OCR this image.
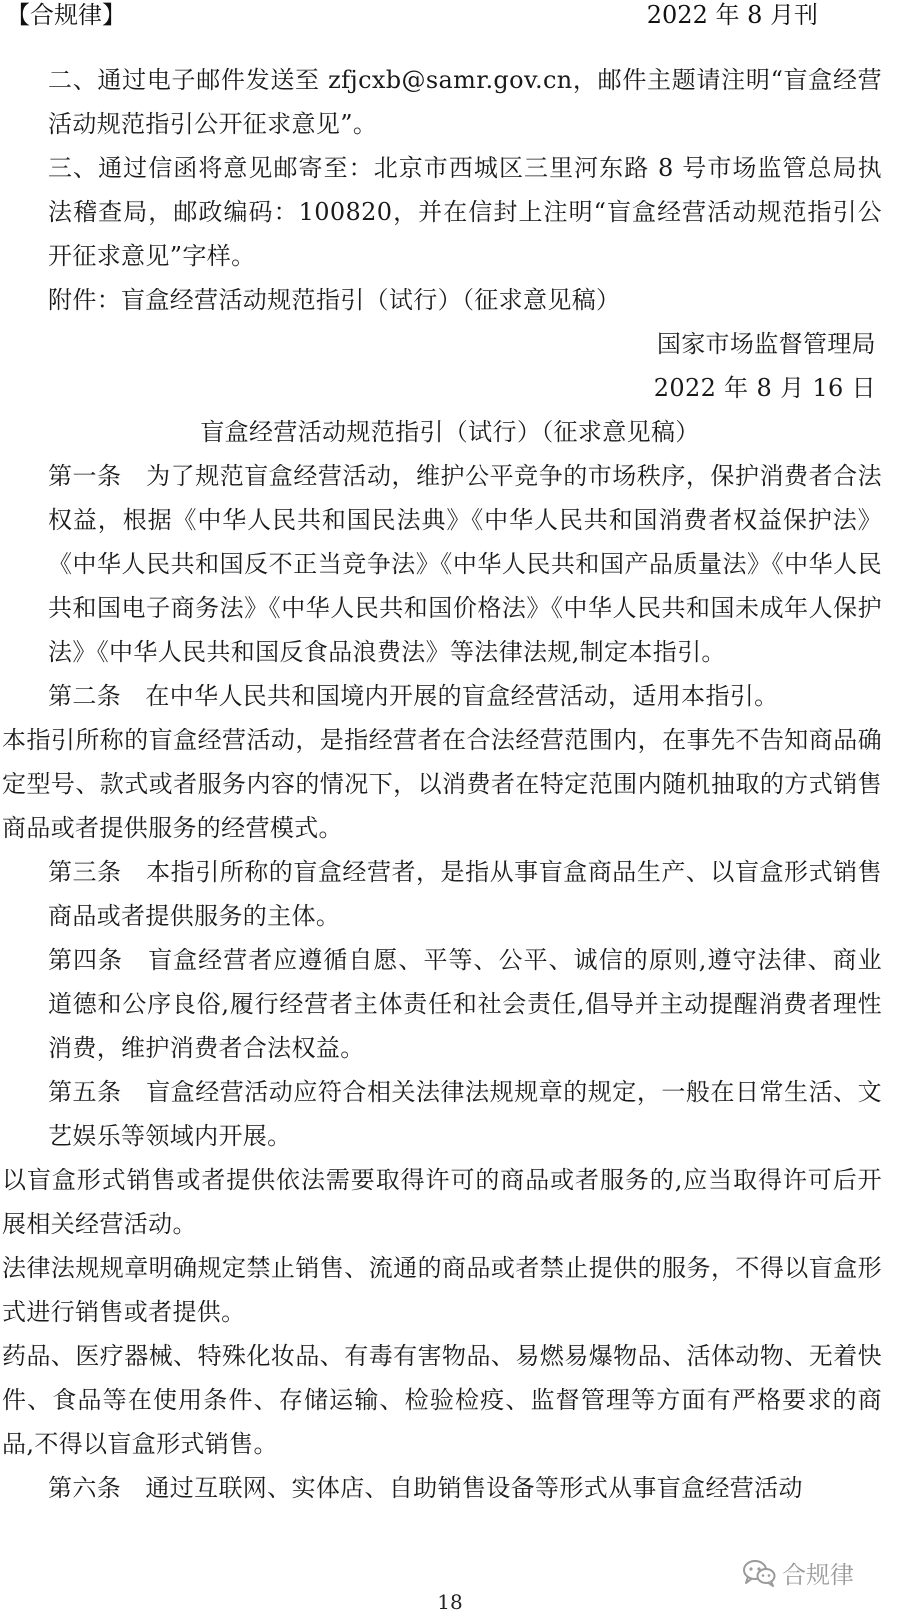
【合规律】	2022 年 8 月刊

二、通过电子邮件发送至 zfjcxb@samr.gov.cn，邮件主题请注明“盲盒经营活动规范指引公开征求意见”。

三、通过信函将意见邮寄至：北京市西城区三里河东路 8 号市场监管总局执法稽查局，邮政编码：100820，并在信封上注明“盲盒经营活动规范指引公开征求意见”字样。

附件：盲盒经营活动规范指引（试行）（征求意见稿）

国家市场监督管理局

2022 年 8 月 16 日

盲盒经营活动规范指引（试行）（征求意见稿）

第一条　为了规范盲盒经营活动，维护公平竞争的市场秩序，保护消费者合法权益，根据《中华人民共和国民法典》《中华人民共和国消费者权益保护法》《中华人民共和国反不正当竞争法》《中华人民共和国产品质量法》《中华人民共和国电子商务法》《中华人民共和国价格法》《中华人民共和国未成年人保护法》《中华人民共和国反食品浪费法》等法律法规,制定本指引。

第二条　在中华人民共和国境内开展的盲盒经营活动，适用本指引。

本指引所称的盲盒经营活动，是指经营者在合法经营范围内，在事先不告知商品确定型号、款式或者服务内容的情况下，以消费者在特定范围内随机抽取的方式销售商品或者提供服务的经营模式。

第三条　本指引所称的盲盒经营者，是指从事盲盒商品生产、以盲盒形式销售商品或者提供服务的主体。

第四条　盲盒经营者应遵循自愿、平等、公平、诚信的原则,遵守法律、商业道德和公序良俗,履行经营者主体责任和社会责任,倡导并主动提醒消费者理性消费，维护消费者合法权益。

第五条　盲盒经营活动应符合相关法律法规规章的规定，一般在日常生活、文艺娱乐等领域内开展。

以盲盒形式销售或者提供依法需要取得许可的商品或者服务的,应当取得许可后开展相关经营活动。

法律法规规章明确规定禁止销售、流通的商品或者禁止提供的服务，不得以盲盒形式进行销售或者提供。

药品、医疗器械、特殊化妆品、有毒有害物品、易燃易爆物品、活体动物、无着快件、食品等在使用条件、存储运输、检验检疫、监督管理等方面有严格要求的商品,不得以盲盒形式销售。

第六条　通过互联网、实体店、自助销售设备等形式从事盲盒经营活动

合规律
18
